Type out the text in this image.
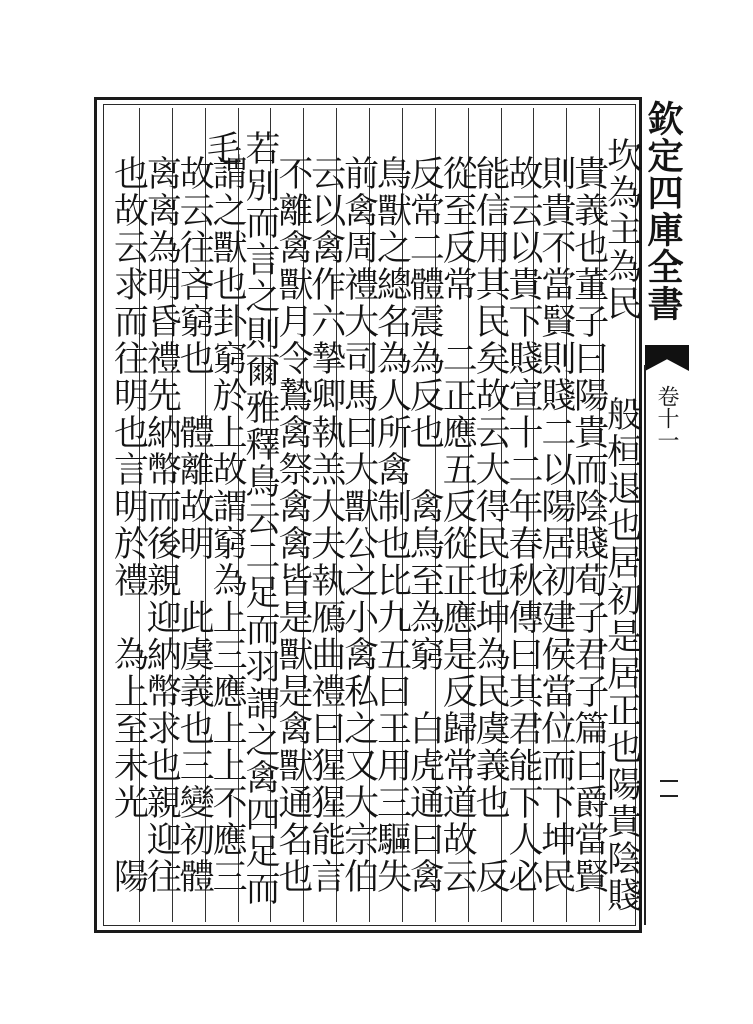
欽定四庫全書
卷十一
坎為主為民　　般桓退也居初是居正也陽貴陰賤
貴義也董子曰陽貴而陰賤荀子君子篇曰爵當賢
則貴不當賢則賤二以陽居初建侯當位而下坤民
故云以貴下賤宣十二年春秋傳曰其君能下人必
能信用其民矣故云大得民也坤為民虞義也　反
從至反常　二正應五反從正應是反歸常道故云
反常二體震為反也　禽鳥至為窮　白虎通曰禽
鳥獸之總名為人所禽制也比九五曰王用三驅失
前禽周禮大司馬曰大獸公之小禽私之又大宗伯
云以禽作六摯卿執羔大夫執鴈曲禮曰猩猩能言
不離禽獸月令鷙禽祭禽禽皆是獸是禽獸通名也
若別而言之則爾雅釋鳥云二足而羽謂之禽四足而毛
謂之獸也卦窮於上故謂窮為上三應上上不應三
故云往吝窮也　體離故明　此虞義也三變初體
离离為明昏禮先納幣而後親迎納幣求也親迎往
也故云求而往明也言明於禮　為上至未光　陽
